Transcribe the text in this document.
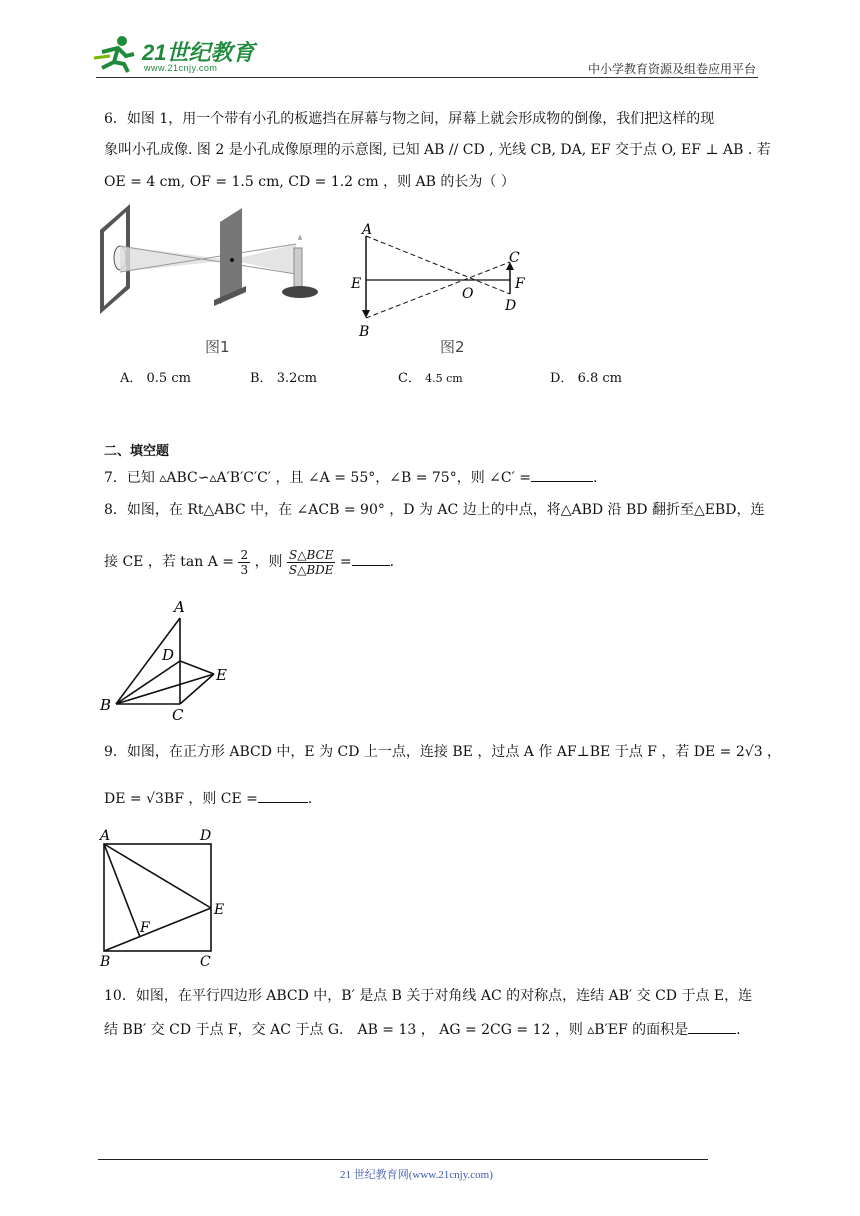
21世纪教育
www.21cnjy.com	中小学教育资源及组卷应用平台
6．如图 1，用一个带有小孔的板遮挡在屏幕与物之间，屏幕上就会形成物的倒像，我们把这样的现
象叫小孔成像. 图 2 是小孔成像原理的示意图, 已知 AB // CD , 光线 CB, DA, EF 交于点 O, EF ⊥ AB . 若
OE = 4 cm, OF = 1.5 cm, CD = 1.2 cm ，则 AB 的长为（ ）
图1
A
E
B
O
C
F
D
图2
A． 0.5 cm	B． 3.2cm	C． 4.5 cm	D． 6.8 cm
二、填空题
7．已知 ▵ABC∽▵A′B′C′C′ ，且 ∠A = 55°，∠B = 75°，则 ∠C′ =	.
8．如图，在 Rt△ABC 中，在 ∠ACB = 90° ，D 为 AC 边上的中点，将△ABD 沿 BD 翻折至△EBD，连
接 CE ，若 $\tan A = \frac{2}{3}$ ，则 $\frac{\text{S△BCE}}{\text{S△BDE}}$ =	.
A
D
E
B
C
9．如图，在正方形 ABCD 中，E 为 CD 上一点，连接 BE ，过点 A 作 AF⊥BE 于点 F ，若 DE = 2√3 ，
DE = √3BF ，则 CE =	.
A	D
E
F
B	C
10．如图，在平行四边形 ABCD 中，B′ 是点 B 关于对角线 AC 的对称点，连结 AB′ 交 CD 于点 E，连
结 BB′ 交 CD 于点 F，交 AC 于点 G． AB = 13 ， AG = 2CG = 12 ，则 ▵B′EF 的面积是	.
21 世纪教育网(www.21cnjy.com)
